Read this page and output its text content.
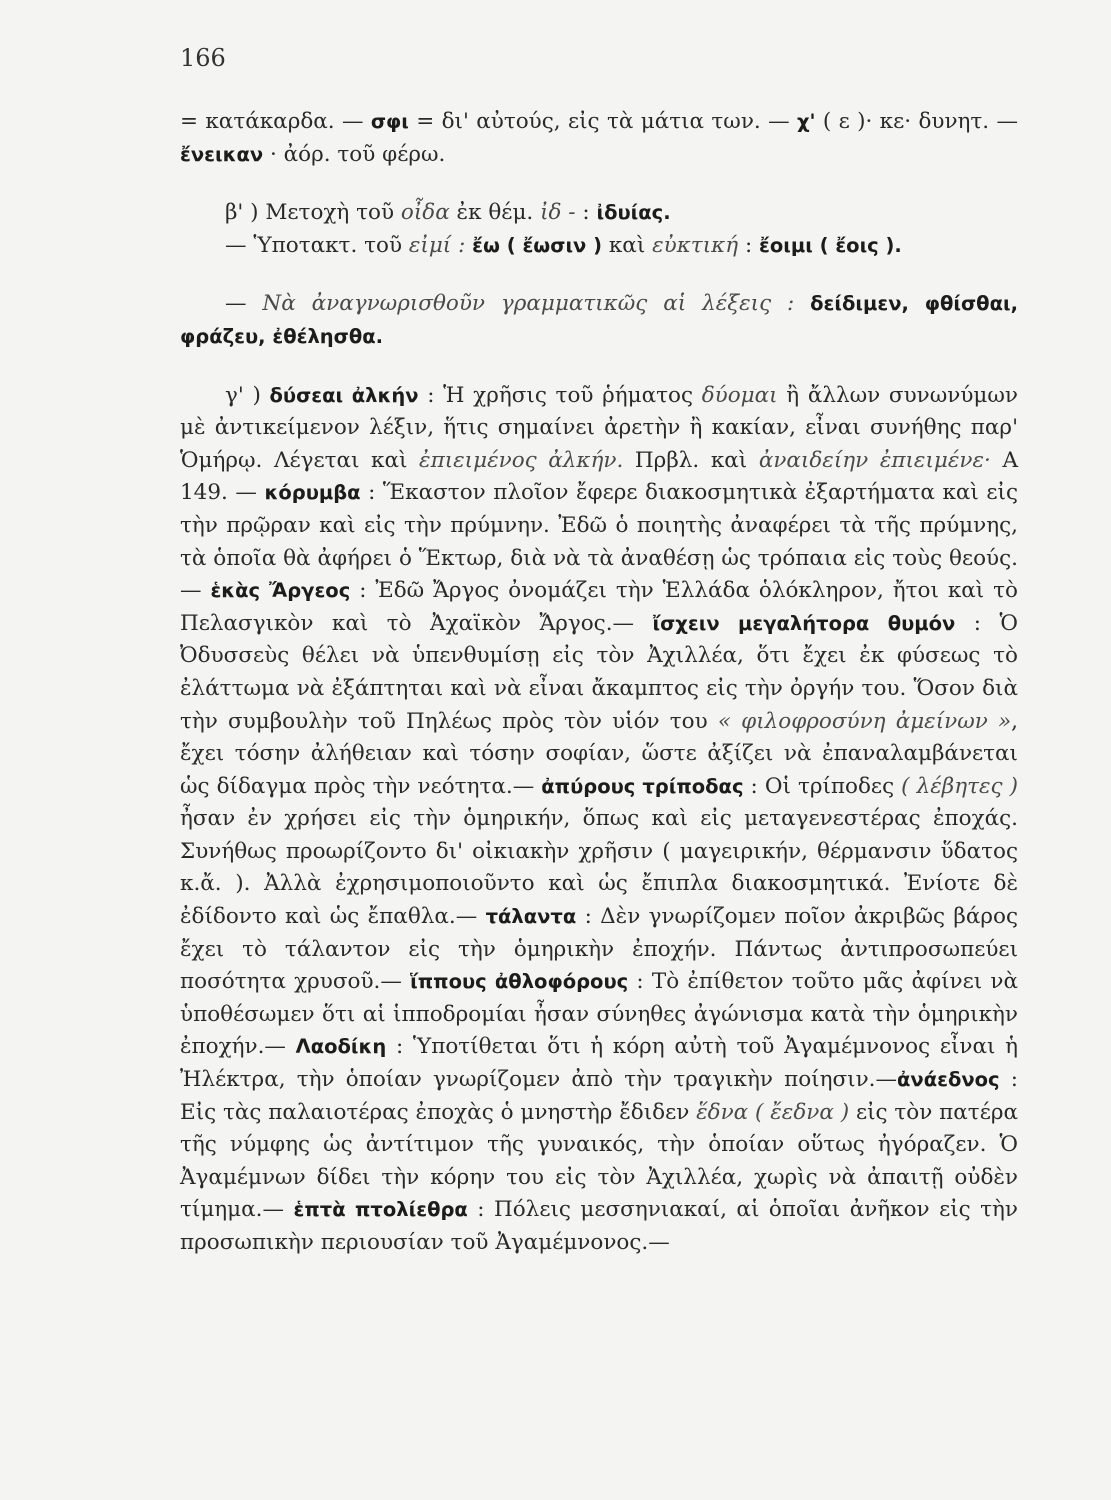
166

= κατάκαρδα. — σφι = δι' αὐτούς, εἰς τὰ μάτια των. — χ' ( ε )· κε· δυνητ. — ἔνεικαν · ἀόρ. τοῦ φέρω.

β' ) Μετοχὴ τοῦ οἶδα ἐκ θέμ. ἰδ - : ἰδυίας.

— Ὑποτακτ. τοῦ εἰμί : ἔω ( ἔωσιν ) καὶ εὐκτική : ἔοιμι ( ἔοις ).

— Νὰ ἀναγνωρισθοῦν γραμματικῶς αἱ λέξεις : δείδιμεν, φθίσθαι, φράζευ, ἐθέλησθα.

γ' ) δύσεαι ἀλκήν : Ἡ χρῆσις τοῦ ῥήματος δύομαι ἢ ἄλλων συνωνύμων μὲ ἀντικείμενον λέξιν, ἥτις σημαίνει ἀρετὴν ἢ κακίαν, εἶναι συνήθης παρ' Ὁμήρῳ. Λέγεται καὶ ἐπιειμένος ἀλκήν. Πρβλ. καὶ ἀναιδείην ἐπιειμένε· Α 149. — κόρυμβα : Ἕκαστον πλοῖον ἔφερε διακοσμητικὰ ἐξαρτήματα καὶ εἰς τὴν πρῷραν καὶ εἰς τὴν πρύμνην. Ἐδῶ ὁ ποιητὴς ἀναφέρει τὰ τῆς πρύμνης, τὰ ὁποῖα θὰ ἀφήρει ὁ Ἕκτωρ, διὰ νὰ τὰ ἀναθέσῃ ὡς τρόπαια εἰς τοὺς θεούς.— ἑκὰς Ἄργεος : Ἐδῶ Ἄργος ὀνομάζει τὴν Ἑλλάδα ὁλόκληρον, ἤτοι καὶ τὸ Πελασγικὸν καὶ τὸ Ἀχαϊκὸν Ἄργος.— ἴσχειν μεγαλήτορα θυμόν : Ὁ Ὀδυσσεὺς θέλει νὰ ὑπενθυμίσῃ εἰς τὸν Ἀχιλλέα, ὅτι ἔχει ἐκ φύσεως τὸ ἐλάττωμα νὰ ἐξάπτηται καὶ νὰ εἶναι ἄκαμπτος εἰς τὴν ὀργήν του. Ὅσον διὰ τὴν συμβουλὴν τοῦ Πηλέως πρὸς τὸν υἱόν του « φιλοφροσύνη ἀμείνων », ἔχει τόσην ἀλήθειαν καὶ τόσην σοφίαν, ὥστε ἀξίζει νὰ ἐπαναλαμβάνεται ὡς δίδαγμα πρὸς τὴν νεότητα.— ἀπύρους τρίποδας : Οἱ τρίποδες ( λέβητες ) ἦσαν ἐν χρήσει εἰς τὴν ὁμηρικήν, ὅπως καὶ εἰς μεταγενεστέρας ἐποχάς. Συνήθως προωρίζοντο δι' οἰκιακὴν χρῆσιν ( μαγειρικήν, θέρμανσιν ὕδατος κ.ἄ. ). Ἀλλὰ ἐχρησιμοποιοῦντο καὶ ὡς ἔπιπλα διακοσμητικά. Ἐνίοτε δὲ ἐδίδοντο καὶ ὡς ἔπαθλα.— τάλαντα : Δὲν γνωρίζομεν ποῖον ἀκριβῶς βάρος ἔχει τὸ τάλαντον εἰς τὴν ὁμηρικὴν ἐποχήν. Πάντως ἀντιπροσωπεύει ποσότητα χρυσοῦ.— ἵππους ἀθλοφόρους : Τὸ ἐπίθετον τοῦτο μᾶς ἀφίνει νὰ ὑποθέσωμεν ὅτι αἱ ἱπποδρομίαι ἦσαν σύνηθες ἀγώνισμα κατὰ τὴν ὁμηρικὴν ἐποχήν.— Λαοδίκη : Ὑποτίθεται ὅτι ἡ κόρη αὐτὴ τοῦ Ἀγαμέμνονος εἶναι ἡ Ἠλέκτρα, τὴν ὁποίαν γνωρίζομεν ἀπὸ τὴν τραγικὴν ποίησιν.—ἀνάεδνος : Εἰς τὰς παλαιοτέρας ἐποχὰς ὁ μνηστὴρ ἔδιδεν ἕδνα ( ἔεδνα ) εἰς τὸν πατέρα τῆς νύμφης ὡς ἀντίτιμον τῆς γυναικός, τὴν ὁποίαν οὕτως ἠγόραζεν. Ὁ Ἀγαμέμνων δίδει τὴν κόρην του εἰς τὸν Ἀχιλλέα, χωρὶς νὰ ἀπαιτῇ οὐδὲν τίμημα.— ἑπτὰ πτολίεθρα : Πόλεις μεσσηνιακαί, αἱ ὁποῖαι ἀνῆκον εἰς τὴν προσωπικὴν περιουσίαν τοῦ Ἀγαμέμνονος.—
